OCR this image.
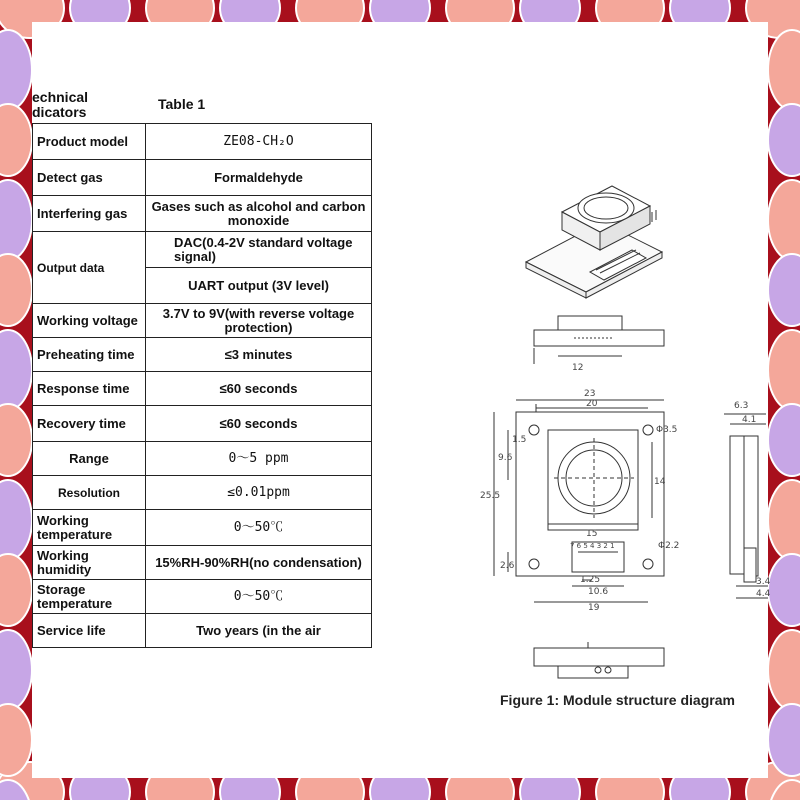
echnical
dicators	Table 1
Product model	ZE08-CH₂O
Detect gas	Formaldehyde
Interfering gas	Gases such as alcohol and carbon monoxide
Output data	DAC(0.4-2V standard voltage signal)
	UART output (3V level)
Working voltage	3.7V to 9V(with reverse voltage protection)
Preheating time	≤3 minutes
Response time	≤60 seconds
Recovery time	≤60 seconds
Range	0～5 ppm
Resolution	≤0.01ppm
Working temperature	0～50℃
Working humidity	15%RH-90%RH(no condensation)
Storage temperature	0～50℃
Service life	Two years (in the air
12
23
20
Φ3.5
25.5
9.6
1.5
14
15
7 6 5 4 3 2 1	Φ2.2
2.6
1.25
10.6
19
6.3
4.1
3.4
4.4
Figure 1: Module structure diagram
